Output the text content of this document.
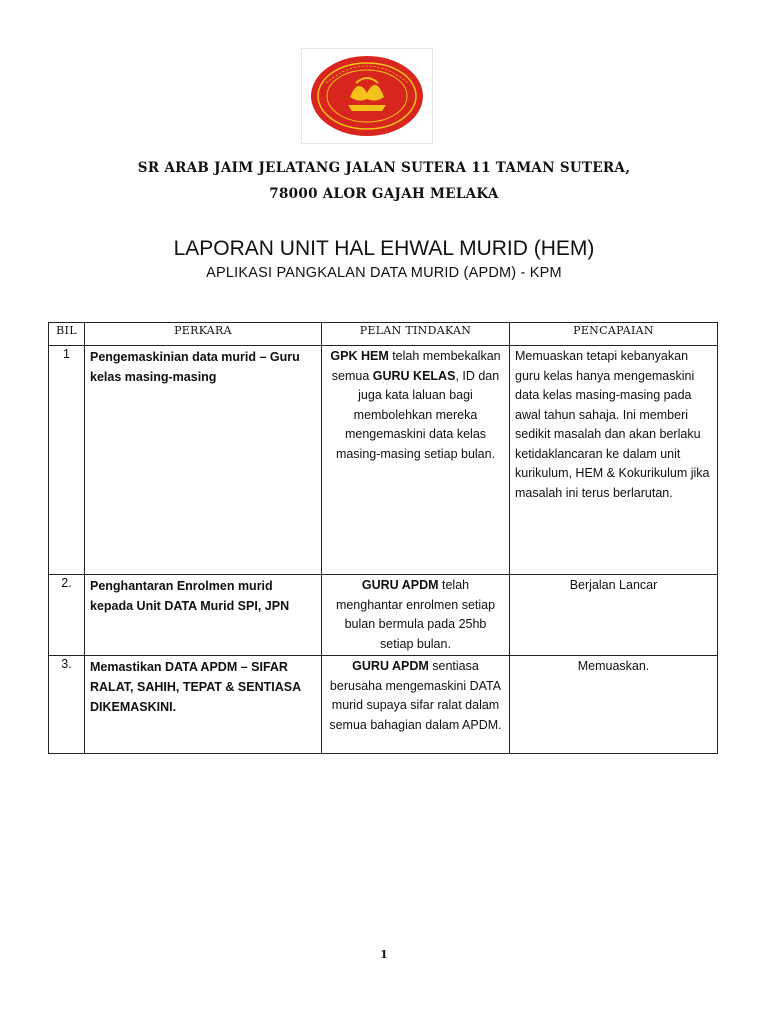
SR ARAB JAIM JELATANG JALAN SUTERA 11 TAMAN SUTERA,
78000 ALOR GAJAH MELAKA
LAPORAN UNIT HAL EHWAL MURID (HEM)
APLIKASI PANGKALAN DATA MURID (APDM) - KPM
BIL	PERKARA	PELAN TINDAKAN	PENCAPAIAN
1	Pengemaskinian data murid – Guru kelas masing-masing	GPK HEM telah membekalkan semua GURU KELAS, ID dan juga kata laluan bagi membolehkan mereka mengemaskini data kelas masing-masing setiap bulan.	Memuaskan tetapi kebanyakan guru kelas hanya mengemaskini data kelas masing-masing pada awal tahun sahaja. Ini memberi sedikit masalah dan akan berlaku ketidaklancaran ke dalam unit kurikulum, HEM & Kokurikulum jika masalah ini terus berlarutan.
2.	Penghantaran Enrolmen murid kepada Unit DATA Murid SPI, JPN	GURU APDM telah menghantar enrolmen setiap bulan bermula pada 25hb setiap bulan.	Berjalan Lancar
3.	Memastikan DATA APDM – SIFAR RALAT, SAHIH, TEPAT & SENTIASA DIKEMASKINI.	GURU APDM sentiasa berusaha mengemaskini DATA murid supaya sifar ralat dalam semua bahagian dalam APDM.	Memuaskan.
1
